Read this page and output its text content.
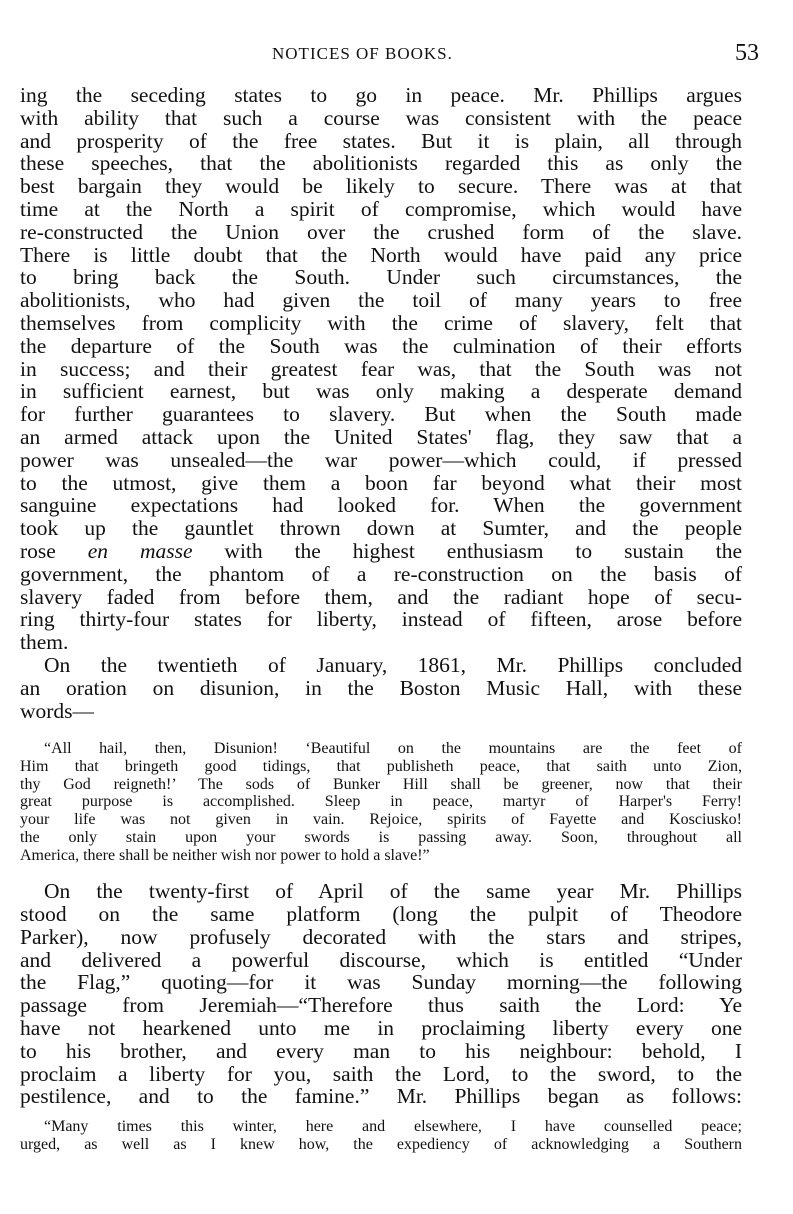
NOTICES OF BOOKS.	53
ing the seceding states to go in peace. Mr. Phillips argues
with ability that such a course was consistent with the peace
and prosperity of the free states. But it is plain, all through
these speeches, that the abolitionists regarded this as only the
best bargain they would be likely to secure. There was at that
time at the North a spirit of compromise, which would have
re-constructed the Union over the crushed form of the slave.
There is little doubt that the North would have paid any price
to bring back the South. Under such circumstances, the
abolitionists, who had given the toil of many years to free
themselves from complicity with the crime of slavery, felt that
the departure of the South was the culmination of their efforts
in success; and their greatest fear was, that the South was not
in sufficient earnest, but was only making a desperate demand
for further guarantees to slavery. But when the South made
an armed attack upon the United States' flag, they saw that a
power was unsealed—the war power—which could, if pressed
to the utmost, give them a boon far beyond what their most
sanguine expectations had looked for. When the government
took up the gauntlet thrown down at Sumter, and the people
rose en masse with the highest enthusiasm to sustain the
government, the phantom of a re-construction on the basis of
slavery faded from before them, and the radiant hope of secu-
ring thirty-four states for liberty, instead of fifteen, arose before
them.
On the twentieth of January, 1861, Mr. Phillips concluded
an oration on disunion, in the Boston Music Hall, with these
words—
“All hail, then, Disunion! ‘Beautiful on the mountains are the feet of
Him that bringeth good tidings, that publisheth peace, that saith unto Zion,
thy God reigneth!’ The sods of Bunker Hill shall be greener, now that their
great purpose is accomplished. Sleep in peace, martyr of Harper's Ferry!
your life was not given in vain. Rejoice, spirits of Fayette and Kosciusko!
the only stain upon your swords is passing away. Soon, throughout all
America, there shall be neither wish nor power to hold a slave!”
On the twenty-first of April of the same year Mr. Phillips
stood on the same platform (long the pulpit of Theodore
Parker), now profusely decorated with the stars and stripes,
and delivered a powerful discourse, which is entitled “Under
the Flag,” quoting—for it was Sunday morning—the following
passage from Jeremiah—“Therefore thus saith the Lord: Ye
have not hearkened unto me in proclaiming liberty every one
to his brother, and every man to his neighbour: behold, I
proclaim a liberty for you, saith the Lord, to the sword, to the
pestilence, and to the famine.” Mr. Phillips began as follows:
“Many times this winter, here and elsewhere, I have counselled peace;
urged, as well as I knew how, the expediency of acknowledging a Southern
